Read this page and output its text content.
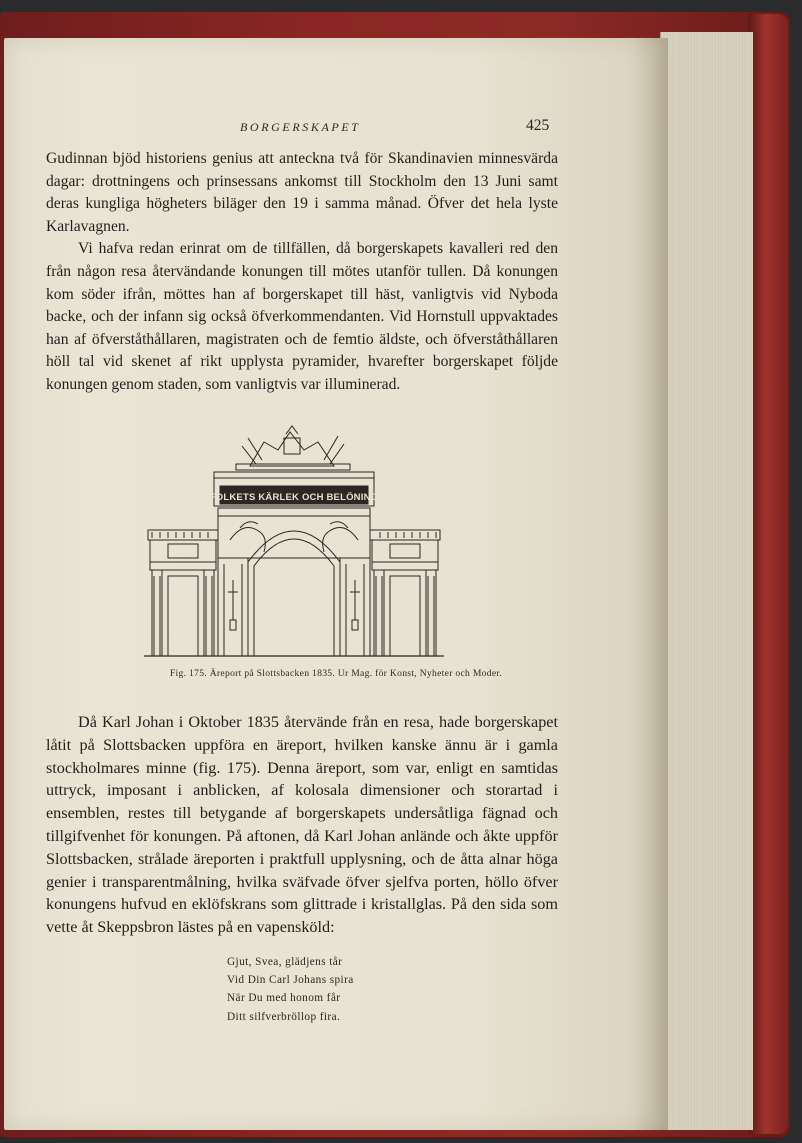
BORGERSKAPET	425

Gudinnan bjöd historiens genius att anteckna två för Skandinavien minnesvärda dagar: drottningens och prinsessans ankomst till Stockholm den 13 Juni samt deras kungliga högheters biläger den 19 i samma månad. Öfver det hela lyste Karlavagnen.

Vi hafva redan erinrat om de tillfällen, då borgerskapets kavalleri red den från någon resa återvändande konungen till mötes utanför tullen. Då konungen kom söder ifrån, möttes han af borgerskapet till häst, vanligtvis vid Nyboda backe, och der infann sig också öfverkommendanten. Vid Hornstull uppvaktades han af öfverståthållaren, magistraten och de femtio äldste, och öfverståthållaren höll tal vid skenet af rikt upplysta pyramider, hvarefter borgerskapet följde konungen genom staden, som vanligtvis var illuminerad.

FOLKETS KÄRLEK OCH BELÖNING
Fig. 175. Äreport på Slottsbacken 1835. Ur Mag. för Konst, Nyheter och Moder.

Då Karl Johan i Oktober 1835 återvände från en resa, hade borgerskapet låtit på Slottsbacken uppföra en äreport, hvilken kanske ännu är i gamla stockholmares minne (fig. 175). Denna äreport, som var, enligt en samtidas uttryck, imposant i anblicken, af kolosala dimensioner och storartad i ensemblen, restes till betygande af borgerskapets undersåtliga fägnad och tillgifvenhet för konungen. På aftonen, då Karl Johan anlände och åkte uppför Slottsbacken, strålade äreporten i praktfull upplysning, och de åtta alnar höga genier i transparentmålning, hvilka sväfvade öfver sjelfva porten, höllo öfver konungens hufvud en eklöfskrans som glittrade i kristallglas. På den sida som vette åt Skeppsbron lästes på en vapensköld:

Gjut, Svea, glädjens tår
Vid Din Carl Johans spira
När Du med honom får
Ditt silfverbröllop fira.
